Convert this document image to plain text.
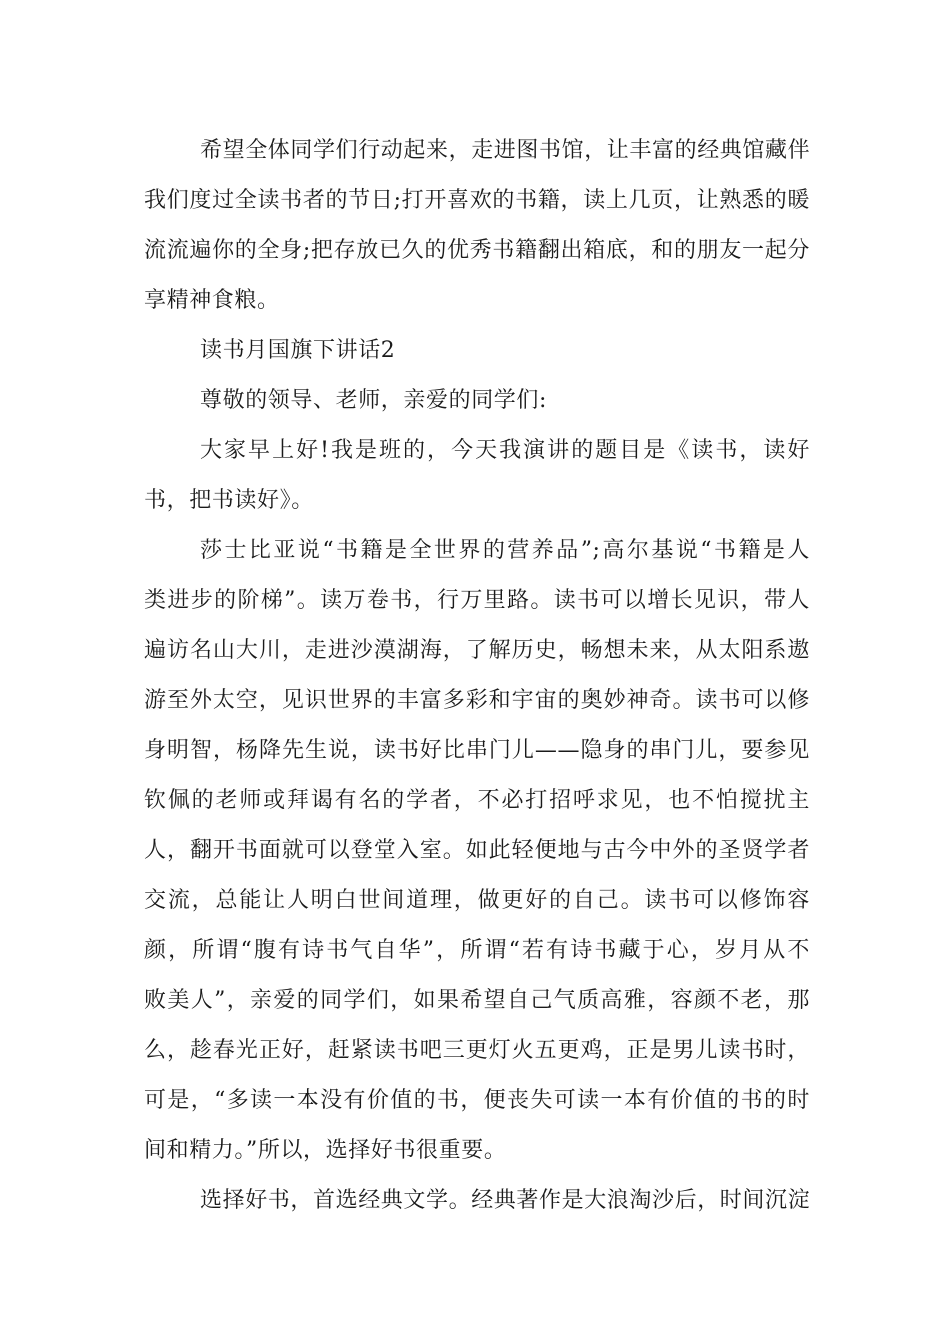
希望全体同学们行动起来，走进图书馆，让丰富的经典馆藏伴
我们度过全读书者的节日;打开喜欢的书籍，读上几页，让熟悉的暖
流流遍你的全身;把存放已久的优秀书籍翻出箱底，和的朋友一起分
享精神食粮。
读书月国旗下讲话2
尊敬的领导、老师，亲爱的同学们:
大家早上好!我是班的，今天我演讲的题目是《读书，读好
书，把书读好》。
莎士比亚说“书籍是全世界的营养品”;高尔基说“书籍是人
类进步的阶梯”。读万卷书，行万里路。读书可以增长见识，带人
遍访名山大川，走进沙漠湖海，了解历史，畅想未来，从太阳系遨
游至外太空，见识世界的丰富多彩和宇宙的奥妙神奇。读书可以修
身明智，杨降先生说，读书好比串门儿——隐身的串门儿，要参见
钦佩的老师或拜谒有名的学者，不必打招呼求见，也不怕搅扰主
人，翻开书面就可以登堂入室。如此轻便地与古今中外的圣贤学者
交流，总能让人明白世间道理，做更好的自己。读书可以修饰容
颜，所谓“腹有诗书气自华”，所谓“若有诗书藏于心，岁月从不
败美人”，亲爱的同学们，如果希望自己气质高雅，容颜不老，那
么，趁春光正好，赶紧读书吧三更灯火五更鸡，正是男儿读书时，
可是，“多读一本没有价值的书，便丧失可读一本有价值的书的时
间和精力。”所以，选择好书很重要。
选择好书，首选经典文学。经典著作是大浪淘沙后，时间沉淀
